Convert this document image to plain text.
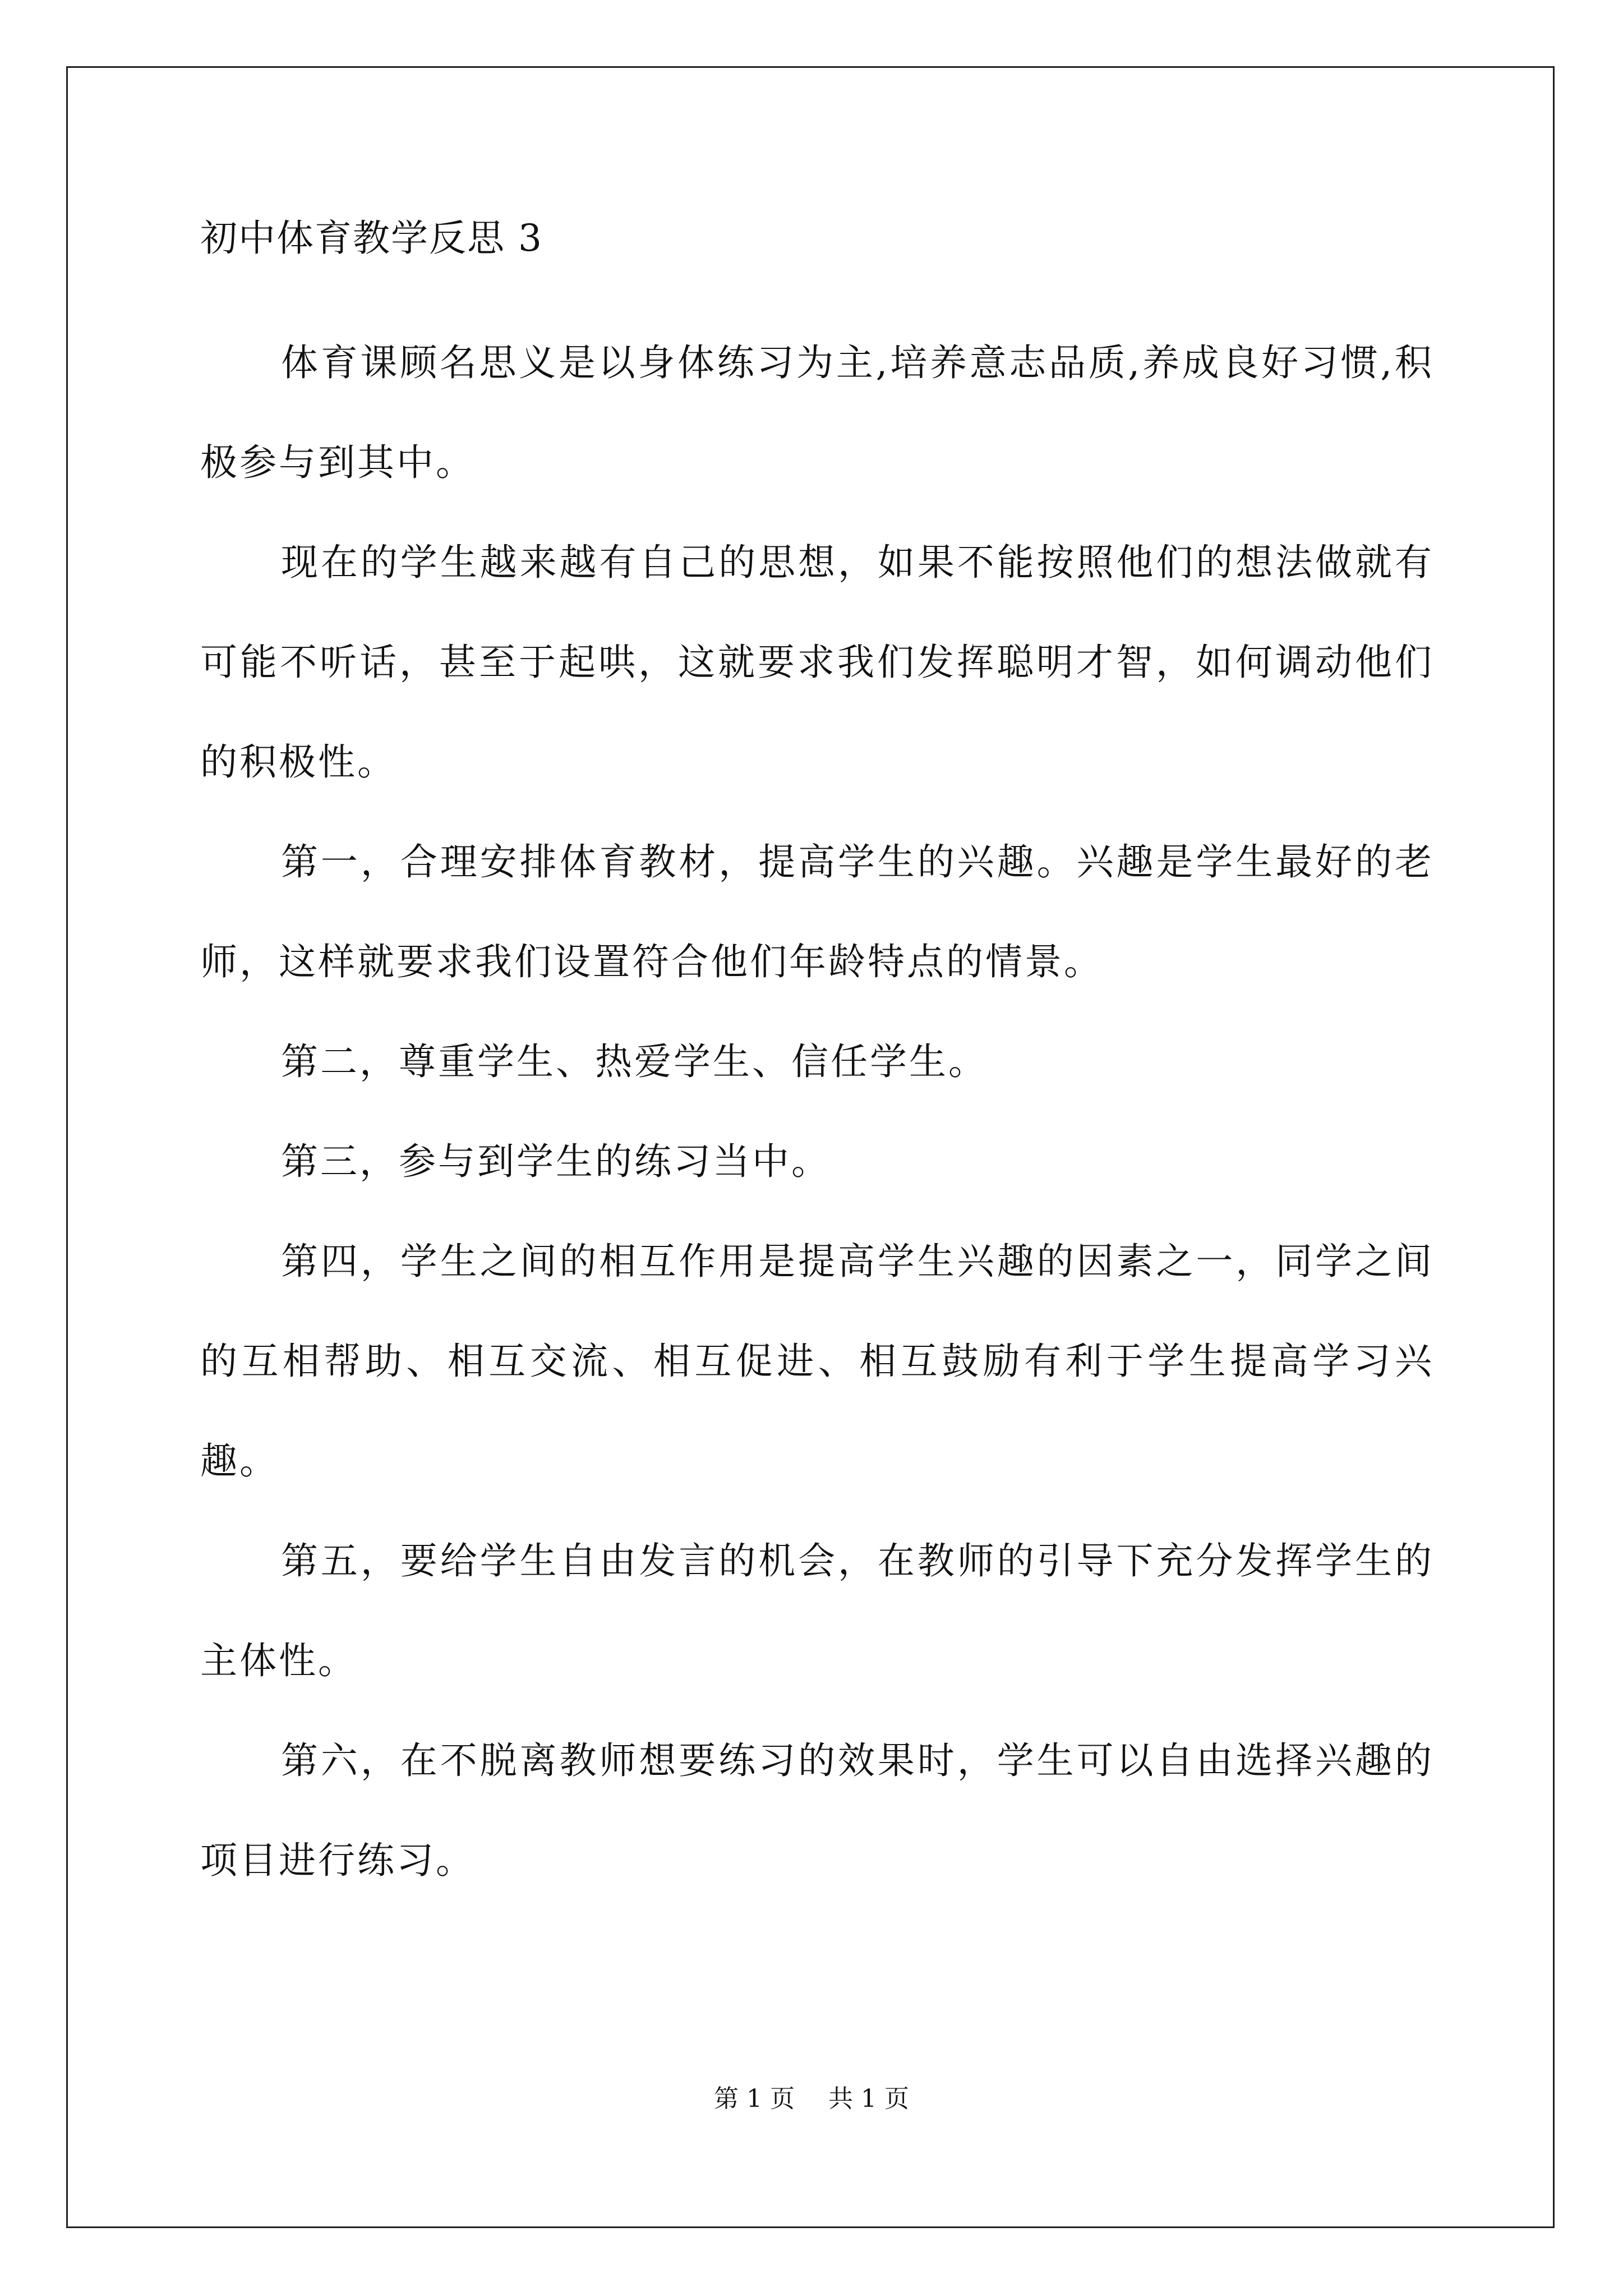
初中体育教学反思 3

体育课顾名思义是以身体练习为主,培养意志品质,养成良好习惯,积极参与到其中。

现在的学生越来越有自己的思想，如果不能按照他们的想法做就有可能不听话，甚至于起哄，这就要求我们发挥聪明才智，如何调动他们的积极性。

第一，合理安排体育教材，提高学生的兴趣。兴趣是学生最好的老师，这样就要求我们设置符合他们年龄特点的情景。

第二，尊重学生、热爱学生、信任学生。

第三，参与到学生的练习当中。

第四，学生之间的相互作用是提高学生兴趣的因素之一，同学之间的互相帮助、相互交流、相互促进、相互鼓励有利于学生提高学习兴趣。

第五，要给学生自由发言的机会，在教师的引导下充分发挥学生的主体性。

第六，在不脱离教师想要练习的效果时，学生可以自由选择兴趣的项目进行练习。

第 1 页 共 1 页
